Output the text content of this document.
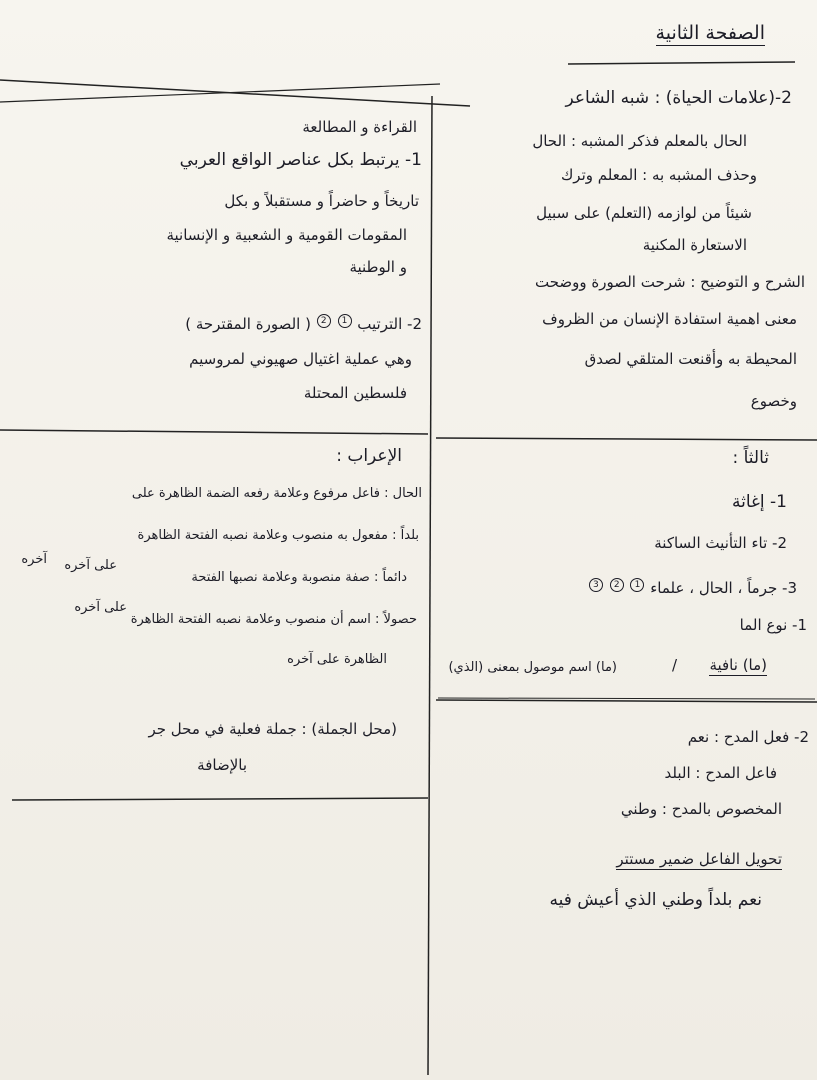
الصفحة الثانية
2-(علامات الحياة) : شبه الشاعر
الحال بالمعلم فذكر المشبه : الحال
وحذف المشبه به : المعلم وترك
شيئاً من لوازمه (التعلم) على سبيل
الاستعارة المكنية
الشرح و التوضيح : شرحت الصورة ووضحت
معنى اهمية استفادة الإنسان من الظروف
المحيطة به وأقنعت المتلقي لصدق
وخصوع
القراءة و المطالعة
1- يرتبط بكل عناصر الواقع العربي
تاريخاً و حاضراً و مستقبلاً و بكل
المقومات القومية و الشعبية و الإنسانية
و الوطنية
2- الترتيب 1 2 ( الصورة المقترحة )
وهي عملية اغتيال صهيوني لمروسيم
فلسطين المحتلة
الإعراب :
الحال : فاعل مرفوع وعلامة رفعه الضمة الظاهرة على
بلداً : مفعول به منصوب وعلامة نصبه الفتحة الظاهرة
آخره
دائماً : صفة منصوبة وعلامة نصبها الفتحة
على آخره
حصولاً : اسم أن منصوب وعلامة نصبه الفتحة الظاهرة
على آخره
الظاهرة على آخره
(محل الجملة) : جملة فعلية في محل جر
بالإضافة
ثالثاً :
1- إغاثة
2- تاء التأنيث الساكنة
3- جرماً ، الحال ، علماء 1 2 3
1- نوع الما
(ما) نافية
/
(ما) اسم موصول بمعنى (الذي)
2- فعل المدح : نعم
فاعل المدح : البلد
المخصوص بالمدح : وطني
تحويل الفاعل ضمير مستتر
نعم بلداً وطني الذي أعيش فيه
